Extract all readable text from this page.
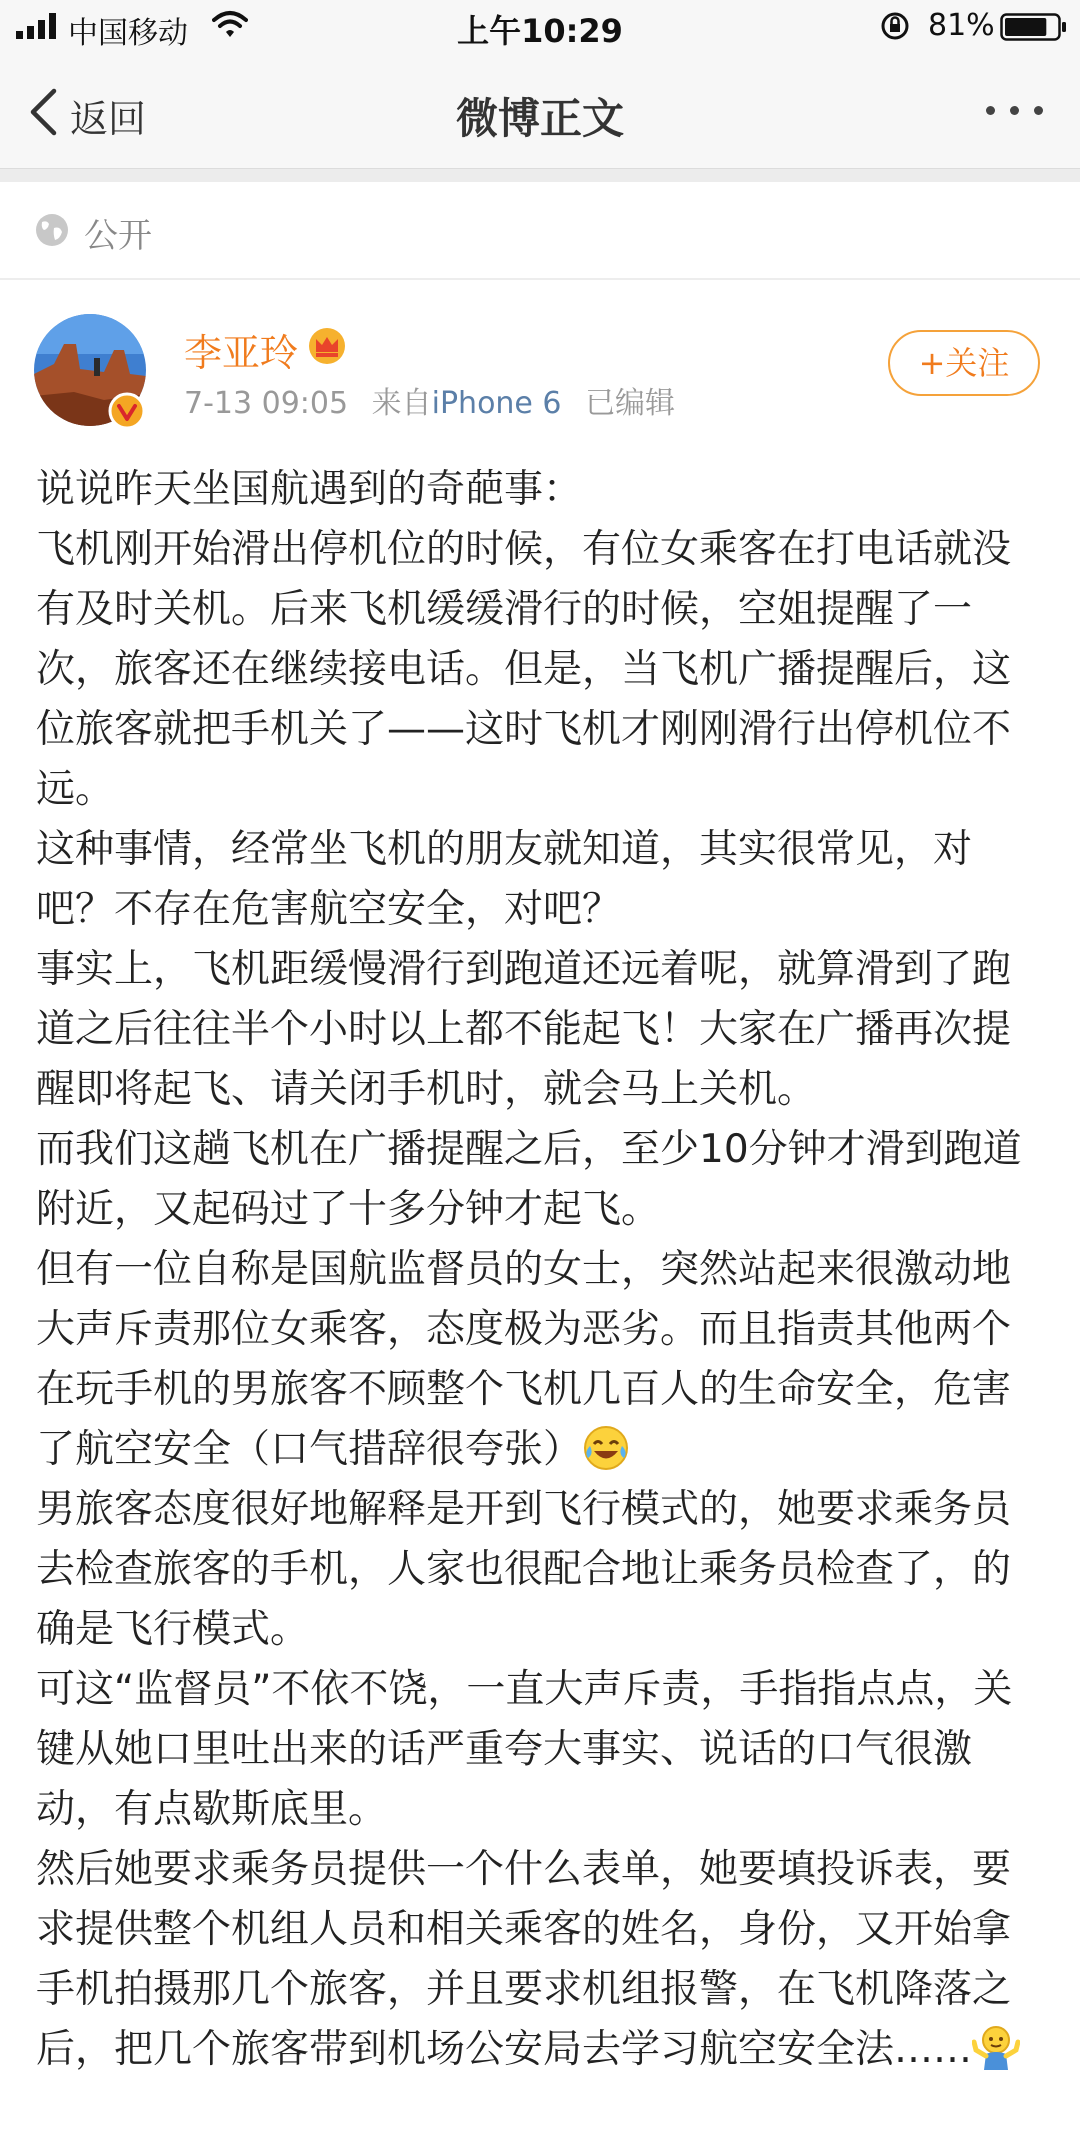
中国移动	上午10:29	81%
返回	微博正文
公开
李亚玲
7-13 09:05 来自iPhone 6 已编辑
+关注

说说昨天坐国航遇到的奇葩事：

飞机刚开始滑出停机位的时候，有位女乘客在打电话就没有及时关机。后来飞机缓缓滑行的时候，空姐提醒了一次，旅客还在继续接电话。但是，当飞机广播提醒后，这位旅客就把手机关了——这时飞机才刚刚滑行出停机位不远。

这种事情，经常坐飞机的朋友就知道，其实很常见，对吧？不存在危害航空安全，对吧？

事实上，飞机距缓慢滑行到跑道还远着呢，就算滑到了跑道之后往往半个小时以上都不能起飞！大家在广播再次提醒即将起飞、请关闭手机时，就会马上关机。

而我们这趟飞机在广播提醒之后，至少10分钟才滑到跑道附近，又起码过了十多分钟才起飞。

但有一位自称是国航监督员的女士，突然站起来很激动地大声斥责那位女乘客，态度极为恶劣。而且指责其他两个在玩手机的男旅客不顾整个飞机几百人的生命安全，危害了航空安全（口气措辞很夸张）

男旅客态度很好地解释是开到飞行模式的，她要求乘务员去检查旅客的手机，人家也很配合地让乘务员检查了，的确是飞行模式。

可这“监督员”不依不饶，一直大声斥责，手指指点点，关键从她口里吐出来的话严重夸大事实、说话的口气很激动，有点歇斯底里。

然后她要求乘务员提供一个什么表单，她要填投诉表，要求提供整个机组人员和相关乘客的姓名，身份，又开始拿手机拍摄那几个旅客，并且要求机组报警，在飞机降落之后，把几个旅客带到机场公安局去学习航空安全法……
